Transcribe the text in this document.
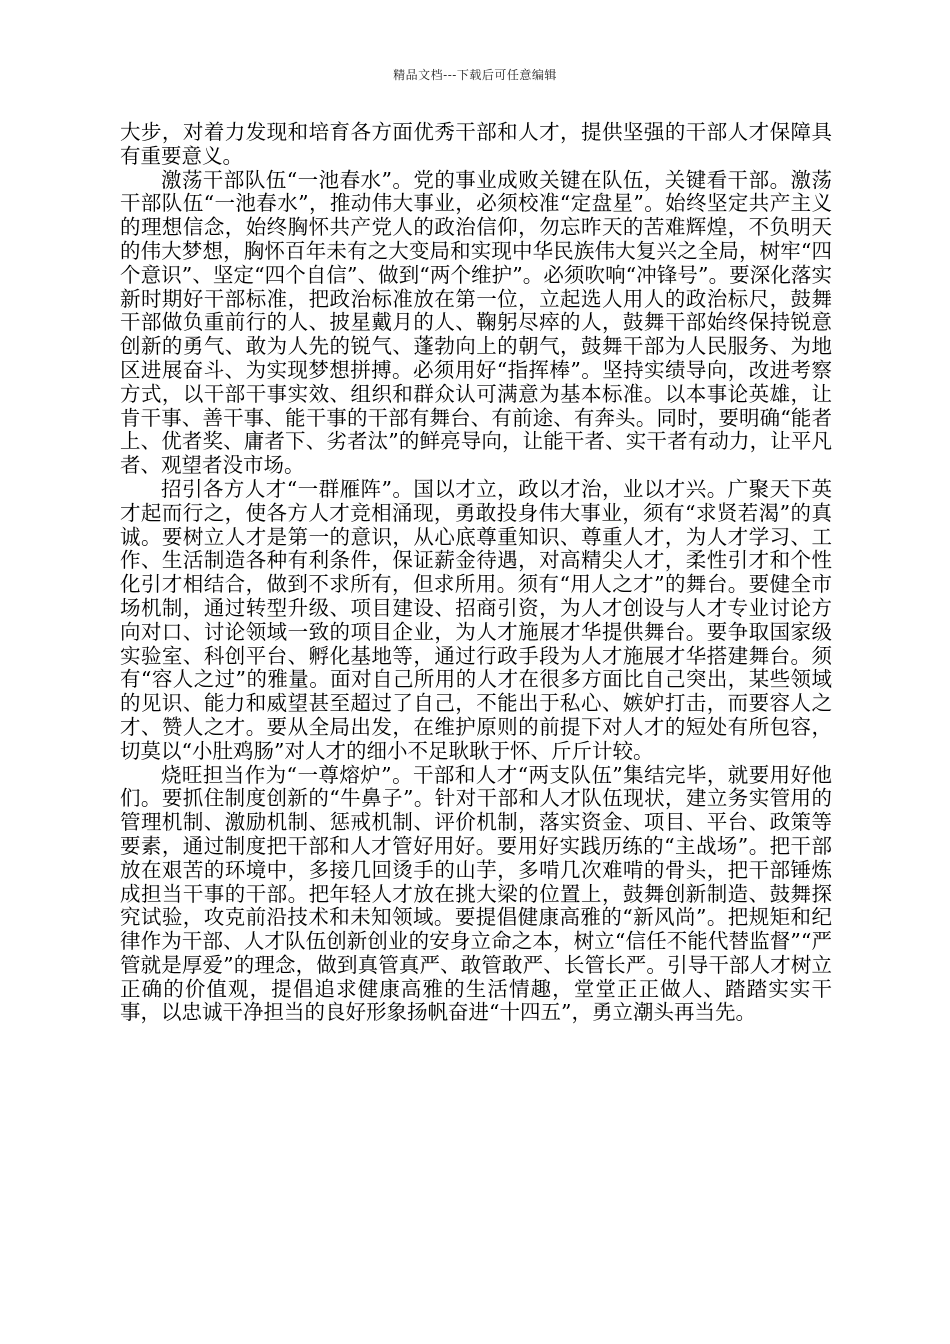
精品文档---下载后可任意编辑

大步，对着力发现和培育各方面优秀干部和人才，提供坚强的干部人才保障具有重要意义。

激荡干部队伍“一池春水”。党的事业成败关键在队伍，关键看干部。激荡干部队伍“一池春水”，推动伟大事业，必须校准“定盘星”。始终坚定共产主义的理想信念，始终胸怀共产党人的政治信仰，勿忘昨天的苦难辉煌，不负明天的伟大梦想，胸怀百年未有之大变局和实现中华民族伟大复兴之全局，树牢“四个意识”、坚定“四个自信”、做到“两个维护”。必须吹响“冲锋号”。要深化落实新时期好干部标准，把政治标准放在第一位，立起选人用人的政治标尺，鼓舞干部做负重前行的人、披星戴月的人、鞠躬尽瘁的人，鼓舞干部始终保持锐意创新的勇气、敢为人先的锐气、蓬勃向上的朝气，鼓舞干部为人民服务、为地区进展奋斗、为实现梦想拼搏。必须用好“指挥棒”。坚持实绩导向，改进考察方式，以干部干事实效、组织和群众认可满意为基本标准。以本事论英雄，让肯干事、善干事、能干事的干部有舞台、有前途、有奔头。同时，要明确“能者上、优者奖、庸者下、劣者汰”的鲜亮导向，让能干者、实干者有动力，让平凡者、观望者没市场。

招引各方人才“一群雁阵”。国以才立，政以才治，业以才兴。广聚天下英才起而行之，使各方人才竞相涌现，勇敢投身伟大事业，须有“求贤若渴”的真诚。要树立人才是第一的意识，从心底尊重知识、尊重人才，为人才学习、工作、生活制造各种有利条件，保证薪金待遇，对高精尖人才，柔性引才和个性化引才相结合，做到不求所有，但求所用。须有“用人之才”的舞台。要健全市场机制，通过转型升级、项目建设、招商引资，为人才创设与人才专业讨论方向对口、讨论领域一致的项目企业，为人才施展才华提供舞台。要争取国家级实验室、科创平台、孵化基地等，通过行政手段为人才施展才华搭建舞台。须有“容人之过”的雅量。面对自己所用的人才在很多方面比自己突出，某些领域的见识、能力和威望甚至超过了自己，不能出于私心、嫉妒打击，而要容人之才、赞人之才。要从全局出发，在维护原则的前提下对人才的短处有所包容，切莫以“小肚鸡肠”对人才的细小不足耿耿于怀、斤斤计较。

烧旺担当作为“一尊熔炉”。干部和人才“两支队伍”集结完毕，就要用好他们。要抓住制度创新的“牛鼻子”。针对干部和人才队伍现状，建立务实管用的管理机制、激励机制、惩戒机制、评价机制，落实资金、项目、平台、政策等要素，通过制度把干部和人才管好用好。要用好实践历练的“主战场”。把干部放在艰苦的环境中，多接几回烫手的山芋，多啃几次难啃的骨头，把干部锤炼成担当干事的干部。把年轻人才放在挑大梁的位置上，鼓舞创新制造、鼓舞探究试验，攻克前沿技术和未知领域。要提倡健康高雅的“新风尚”。把规矩和纪律作为干部、人才队伍创新创业的安身立命之本，树立“信任不能代替监督”“严管就是厚爱”的理念，做到真管真严、敢管敢严、长管长严。引导干部人才树立正确的价值观，提倡追求健康高雅的生活情趣，堂堂正正做人、踏踏实实干事，以忠诚干净担当的良好形象扬帆奋进“十四五”，勇立潮头再当先。
